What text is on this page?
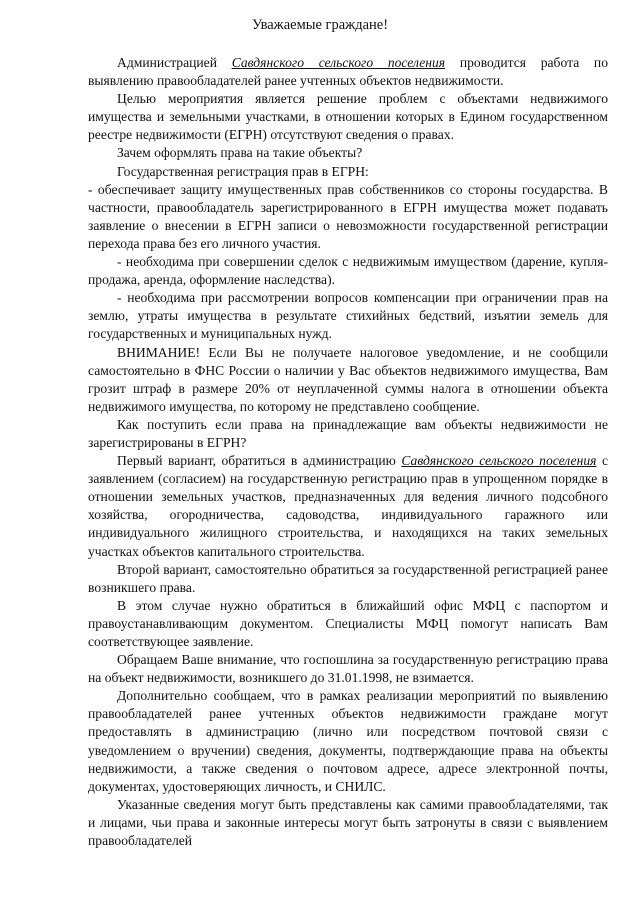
Уважаемые граждане!

Администрацией Савдянского сельского поселения проводится работа по выявлению правообладателей ранее учтенных объектов недвижимости.

Целью мероприятия является решение проблем с объектами недвижимого имущества и земельными участками, в отношении которых в Едином государственном реестре недвижимости (ЕГРН) отсутствуют сведения о правах.

Зачем оформлять права на такие объекты?

Государственная регистрация прав в ЕГРН:

- обеспечивает защиту имущественных прав собственников со стороны государства. В частности, правообладатель зарегистрированного в ЕГРН имущества может подавать заявление о внесении в ЕГРН записи о невозможности государственной регистрации перехода права без его личного участия.

- необходима при совершении сделок с недвижимым имуществом (дарение, купля-продажа, аренда, оформление наследства).

- необходима при рассмотрении вопросов компенсации при ограничении прав на землю, утраты имущества в результате стихийных бедствий, изъятии земель для государственных и муниципальных нужд.

ВНИМАНИЕ! Если Вы не получаете налоговое уведомление, и не сообщили самостоятельно в ФНС России о наличии у Вас объектов недвижимого имущества, Вам грозит штраф в размере 20% от неуплаченной суммы налога в отношении объекта недвижимого имущества, по которому не представлено сообщение.

Как поступить если права на принадлежащие вам объекты недвижимости не зарегистрированы в ЕГРН?

Первый вариант, обратиться в администрацию Савдянского сельского поселения с заявлением (согласием) на государственную регистрацию прав в упрощенном порядке в отношении земельных участков, предназначенных для ведения личного подсобного хозяйства, огородничества, садоводства, индивидуального гаражного или индивидуального жилищного строительства, и находящихся на таких земельных участках объектов капитального строительства.

Второй вариант, самостоятельно обратиться за государственной регистрацией ранее возникшего права.

В этом случае нужно обратиться в ближайший офис МФЦ с паспортом и правоустанавливающим документом. Специалисты МФЦ помогут написать Вам соответствующее заявление.

Обращаем Ваше внимание, что госпошлина за государственную регистрацию права на объект недвижимости, возникшего до 31.01.1998, не взимается.

Дополнительно сообщаем, что в рамках реализации мероприятий по выявлению правообладателей ранее учтенных объектов недвижимости граждане могут предоставлять в администрацию (лично или посредством почтовой связи с уведомлением о вручении) сведения, документы, подтверждающие права на объекты недвижимости, а также сведения о почтовом адресе, адресе электронной почты, документах, удостоверяющих личность, и СНИЛС.

Указанные сведения могут быть представлены как самими правообладателями, так и лицами, чьи права и законные интересы могут быть затронуты в связи с выявлением правообладателей
